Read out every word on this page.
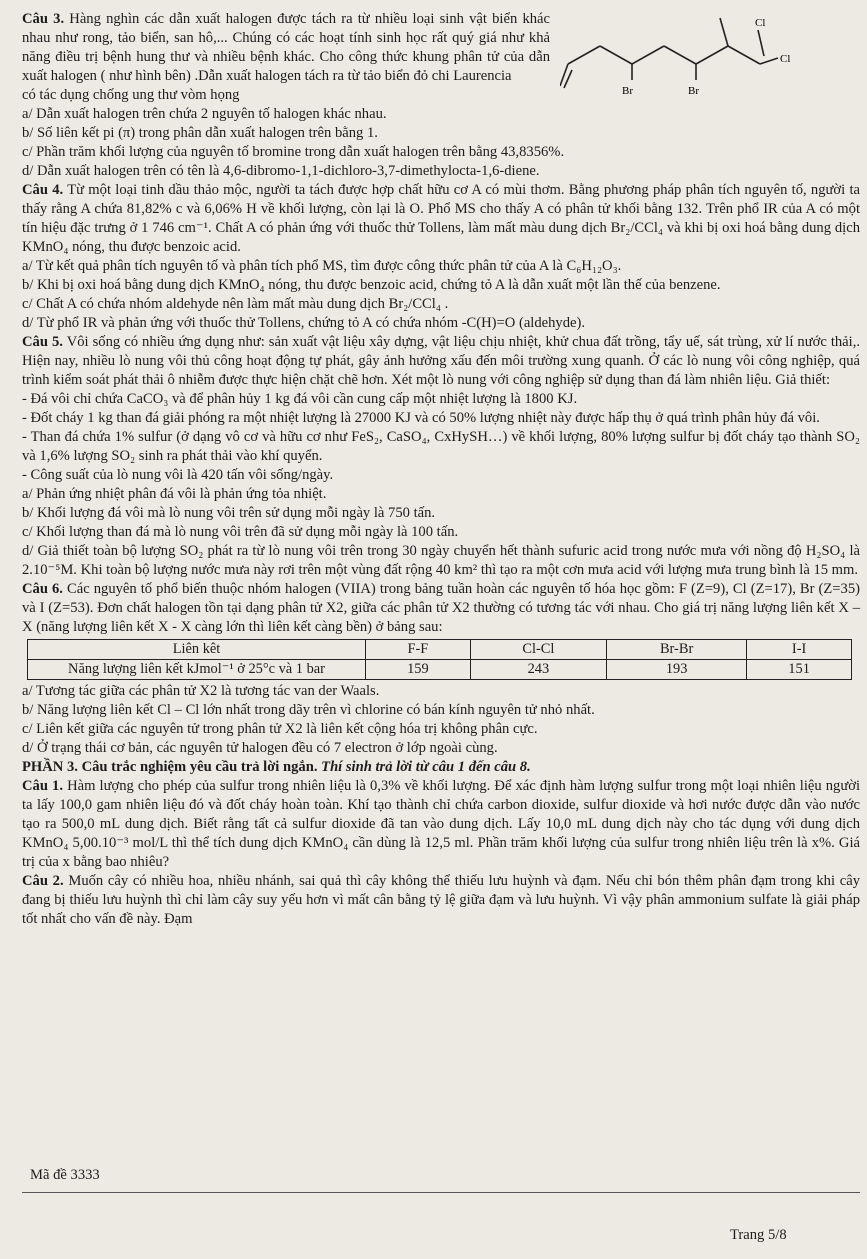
Cl
Cl
Br	Br

Câu 3. Hàng nghìn các dẫn xuất halogen được tách ra từ nhiều loại sinh vật biển khác nhau như rong, tảo biển, san hô,... Chúng có các hoạt tính sinh học rất quý giá như khả năng điều trị bệnh hung thư và nhiều bệnh khác. Cho công thức khung phân tử của dẫn xuất halogen ( như hình bên) .Dẫn xuất halogen tách ra từ tảo biển đỏ chi Laurencia

có tác dụng chống ung thư vòm họng

a/ Dẫn xuất halogen trên chứa 2 nguyên tố halogen khác nhau.

b/ Số liên kết pi (π) trong phân dẫn xuất halogen trên bằng 1.

c/ Phần trăm khối lượng của nguyên tố bromine trong dẫn xuất halogen trên bằng 43,8356%.

d/ Dẫn xuất halogen trên có tên là 4,6-dibromo-1,1-dichloro-3,7-dimethylocta-1,6-diene.

Câu 4. Từ một loại tinh dầu thảo mộc, người ta tách được hợp chất hữu cơ A có mùi thơm. Bằng phương pháp phân tích nguyên tố, người ta thấy rằng A chứa 81,82% c và 6,06% H về khối lượng, còn lại là O. Phổ MS cho thấy A có phân tử khối bằng 132. Trên phổ IR của A có một tín hiệu đặc trưng ở 1 746 cm⁻¹. Chất A có phản ứng với thuốc thử Tollens, làm mất màu dung dịch Br₂/CCl₄ và khi bị oxi hoá bằng dung dịch KMnO₄ nóng, thu được benzoic acid.

a/ Từ kết quả phân tích nguyên tố và phân tích phổ MS, tìm được công thức phân tử của A là C₆H₁₂O₃.

b/ Khi bị oxi hoá bằng dung dịch KMnO₄ nóng, thu được benzoic acid, chứng tỏ A là dẫn xuất một lần thế của benzene.

c/ Chất A có chứa nhóm aldehyde nên làm mất màu dung dịch Br₂/CCl₄ .

d/ Từ phổ IR và phản ứng với thuốc thử Tollens, chứng tỏ A có chứa nhóm -C(H)=O (aldehyde).

Câu 5. Vôi sống có nhiều ứng dụng như: sản xuất vật liệu xây dựng, vật liệu chịu nhiệt, khử chua đất trồng, tẩy uế, sát trùng, xử lí nước thải,. Hiện nay, nhiều lò nung vôi thủ công hoạt động tự phát, gây ảnh hưởng xấu đến môi trường xung quanh. Ở các lò nung vôi công nghiệp, quá trình kiểm soát phát thải ô nhiễm được thực hiện chặt chẽ hơn. Xét một lò nung với công nghiệp sử dụng than đá làm nhiên liệu. Giả thiết:

- Đá vôi chỉ chứa CaCO₃ và để phân hủy 1 kg đá vôi cần cung cấp một nhiệt lượng là 1800 KJ.

- Đốt cháy 1 kg than đá giải phóng ra một nhiệt lượng là 27000 KJ và có 50% lượng nhiệt này được hấp thụ ở quá trình phân hủy đá vôi.

- Than đá chứa 1% sulfur (ở dạng vô cơ và hữu cơ như FeS₂, CaSO₄, CxHySH…) về khối lượng, 80% lượng sulfur bị đốt cháy tạo thành SO₂ và 1,6% lượng SO₂ sinh ra phát thải vào khí quyển.

- Công suất của lò nung vôi là 420 tấn vôi sống/ngày.

a/ Phản ứng nhiệt phân đá vôi là phản ứng tỏa nhiệt.

b/ Khối lượng đá vôi mà lò nung vôi trên sử dụng mỗi ngày là 750 tấn.

c/ Khối lượng than đá mà lò nung vôi trên đã sử dụng mỗi ngày là 100 tấn.

d/ Giả thiết toàn bộ lượng SO₂ phát ra từ lò nung vôi trên trong 30 ngày chuyển hết thành sufuric acid trong nước mưa với nồng độ H₂SO₄ là 2.10⁻⁵M. Khi toàn bộ lượng nước mưa này rơi trên một vùng đất rộng 40 km² thì tạo ra một cơn mưa acid với lượng mưa trung bình là 15 mm.

Câu 6. Các nguyên tố phổ biến thuộc nhóm halogen (VIIA) trong bảng tuần hoàn các nguyên tố hóa học gồm: F (Z=9), Cl (Z=17), Br (Z=35) và I (Z=53). Đơn chất halogen tồn tại dạng phân tử X2, giữa các phân tử X2 thường có tương tác với nhau. Cho giá trị năng lượng liên kết X – X (năng lượng liên kết X - X càng lớn thì liên kết càng bền) ở bảng sau:

Liên kêt	F-F	Cl-Cl	Br-Br	I-I
Năng lượng liên kết kJmol⁻¹ ở 25°c và 1 bar	159	243	193	151

a/ Tương tác giữa các phân tử X2 là tương tác van der Waals.

b/ Năng lượng liên kết Cl – Cl lớn nhất trong dãy trên vì chlorine có bán kính nguyên tử nhỏ nhất.

c/ Liên kết giữa các nguyên tử trong phân tử X2 là liên kết cộng hóa trị không phân cực.

d/ Ở trạng thái cơ bản, các nguyên tử halogen đều có 7 electron ở lớp ngoài cùng.

PHẦN 3. Câu trắc nghiệm yêu cầu trả lời ngắn. Thí sinh trả lời từ câu 1 đến câu 8.

Câu 1. Hàm lượng cho phép của sulfur trong nhiên liệu là 0,3% về khối lượng. Để xác định hàm lượng sulfur trong một loại nhiên liệu người ta lấy 100,0 gam nhiên liệu đó và đốt cháy hoàn toàn. Khí tạo thành chỉ chứa carbon dioxide, sulfur dioxide và hơi nước được dẫn vào nước tạo ra 500,0 mL dung dịch. Biết rằng tất cả sulfur dioxide đã tan vào dung dịch. Lấy 10,0 mL dung dịch này cho tác dụng với dung dịch KMnO₄ 5,00.10⁻³ mol/L thì thể tích dung dịch KMnO₄ cần dùng là 12,5 ml. Phần trăm khối lượng của sulfur trong nhiên liệu trên là x%. Giá trị của x bằng bao nhiêu?

Câu 2. Muốn cây có nhiều hoa, nhiều nhánh, sai quả thì cây không thể thiếu lưu huỳnh và đạm. Nếu chỉ bón thêm phân đạm trong khi cây đang bị thiếu lưu huỳnh thì chỉ làm cây suy yếu hơn vì mất cân bằng tỷ lệ giữa đạm và lưu huỳnh. Vì vậy phân ammonium sulfate là giải pháp tốt nhất cho vấn đề này. Đạm

Mã đề 3333
Trang 5/8
